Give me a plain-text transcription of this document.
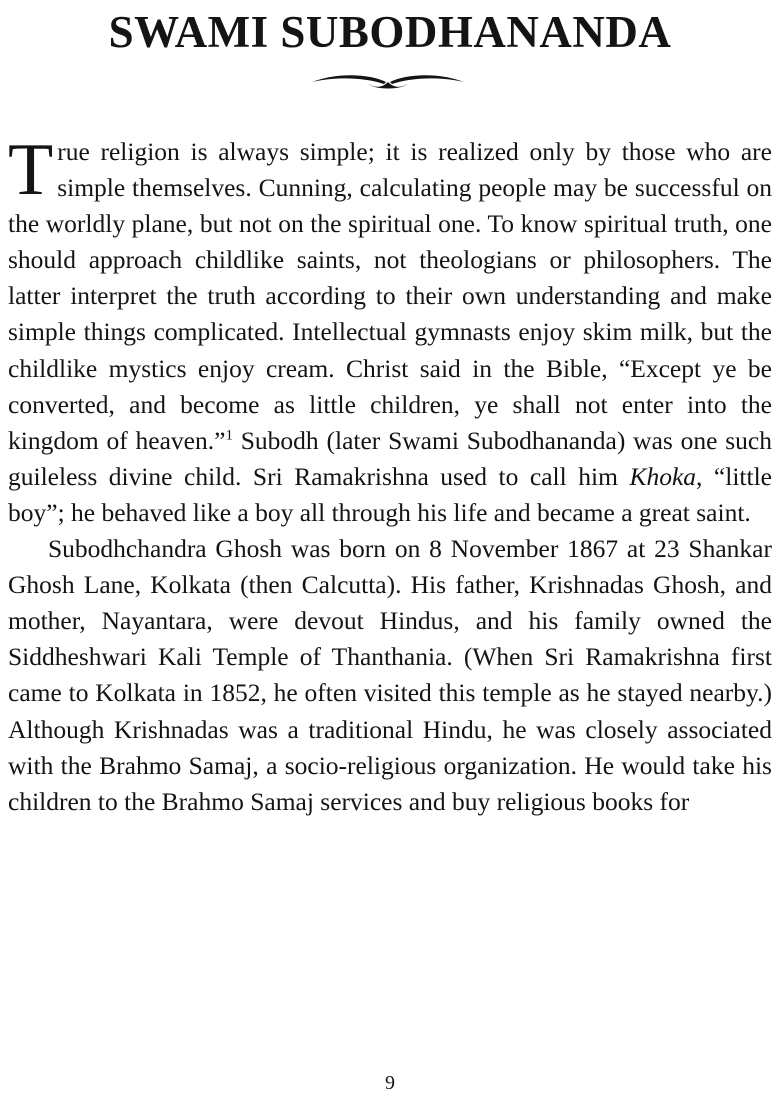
SWAMI SUBODHANANDA

True religion is always simple; it is realized only by those who are simple themselves. Cunning, calculating people may be successful on the worldly plane, but not on the spiritual one. To know spiritual truth, one should approach childlike saints, not theologians or philosophers. The latter interpret the truth according to their own understanding and make simple things complicated. Intellectual gymnasts enjoy skim milk, but the childlike mystics enjoy cream. Christ said in the Bible, “Except ye be converted, and become as little children, ye shall not enter into the kingdom of heaven.”$^1$ Subodh (later Swami Subodhananda) was one such guileless divine child. Sri Ramakrishna used to call him Khoka, “little boy”; he behaved like a boy all through his life and became a great saint.

Subodhchandra Ghosh was born on 8 November 1867 at 23 Shankar Ghosh Lane, Kolkata (then Calcutta). His father, Krishnadas Ghosh, and mother, Nayantara, were devout Hindus, and his family owned the Siddheshwari Kali Temple of Thanthania. (When Sri Ramakrishna first came to Kolkata in 1852, he often visited this temple as he stayed nearby.) Although Krishnadas was a traditional Hindu, he was closely associated with the Brahmo Samaj, a socio-religious organization. He would take his children to the Brahmo Samaj services and buy religious books for

9
